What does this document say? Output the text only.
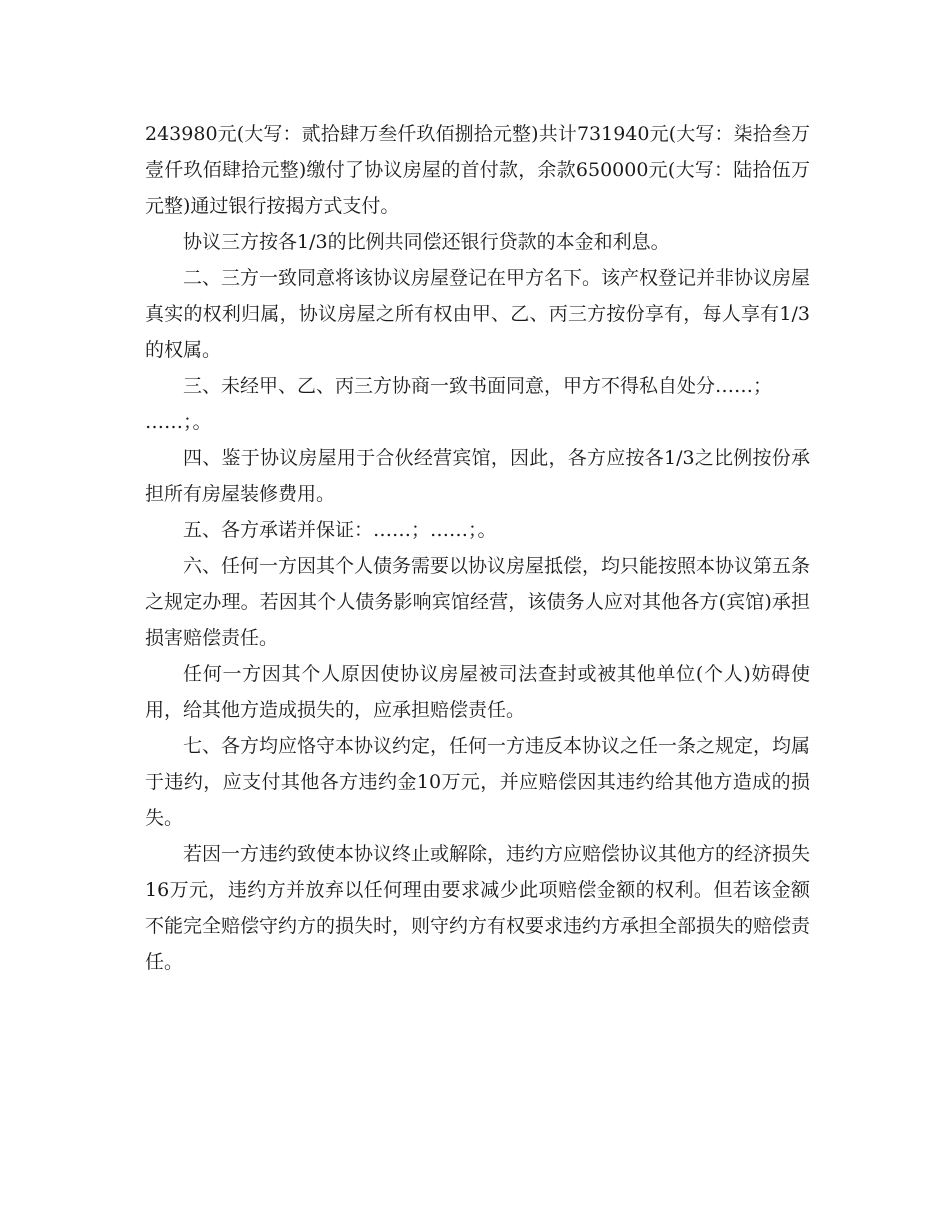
243980元(大写：贰拾肆万叁仟玖佰捌拾元整)共计731940元(大写：柒拾叁万壹仟玖佰肆拾元整)缴付了协议房屋的首付款，余款650000元(大写：陆拾伍万元整)通过银行按揭方式支付。

协议三方按各1/3的比例共同偿还银行贷款的本金和利息。

二、三方一致同意将该协议房屋登记在甲方名下。该产权登记并非协议房屋真实的权利归属，协议房屋之所有权由甲、乙、丙三方按份享有，每人享有1/3的权属。

三、未经甲、乙、丙三方协商一致书面同意，甲方不得私自处分……；
……；。

四、鉴于协议房屋用于合伙经营宾馆，因此，各方应按各1/3之比例按份承担所有房屋装修费用。

五、各方承诺并保证：……；……；。

六、任何一方因其个人债务需要以协议房屋抵偿，均只能按照本协议第五条之规定办理。若因其个人债务影响宾馆经营，该债务人应对其他各方(宾馆)承担损害赔偿责任。

任何一方因其个人原因使协议房屋被司法查封或被其他单位(个人)妨碍使用，给其他方造成损失的，应承担赔偿责任。

七、各方均应恪守本协议约定，任何一方违反本协议之任一条之规定，均属于违约，应支付其他各方违约金10万元，并应赔偿因其违约给其他方造成的损失。

若因一方违约致使本协议终止或解除，违约方应赔偿协议其他方的经济损失16万元，违约方并放弃以任何理由要求减少此项赔偿金额的权利。但若该金额不能完全赔偿守约方的损失时，则守约方有权要求违约方承担全部损失的赔偿责任。
